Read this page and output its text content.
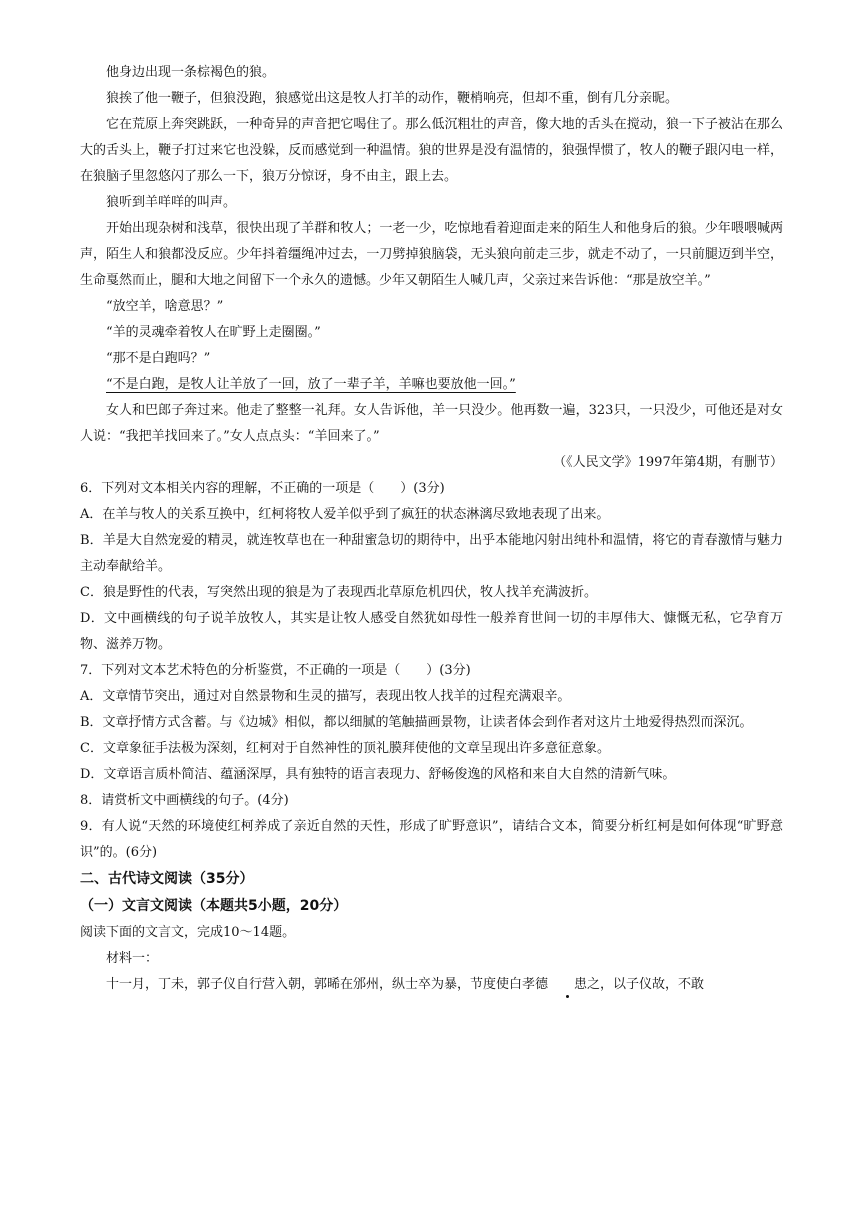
他身边出现一条棕褐色的狼。

狼挨了他一鞭子，但狼没跑，狼感觉出这是牧人打羊的动作，鞭梢响亮，但却不重，倒有几分亲昵。

它在荒原上奔突跳跃，一种奇异的声音把它喝住了。那么低沉粗壮的声音，像大地的舌头在搅动，狼一下子被沾在那么大的舌头上，鞭子打过来它也没躲，反而感觉到一种温情。狼的世界是没有温情的，狼强悍惯了，牧人的鞭子跟闪电一样，在狼脑子里忽悠闪了那么一下，狼万分惊讶，身不由主，跟上去。

狼听到羊咩咩的叫声。

开始出现杂树和浅草，很快出现了羊群和牧人；一老一少，吃惊地看着迎面走来的陌生人和他身后的狼。少年喂喂喊两声，陌生人和狼都没反应。少年抖着缰绳冲过去，一刀劈掉狼脑袋，无头狼向前走三步，就走不动了，一只前腿迈到半空，生命戛然而止，腿和大地之间留下一个永久的遗憾。少年又朝陌生人喊几声，父亲过来告诉他：“那是放空羊。”

“放空羊，啥意思？”

“羊的灵魂牵着牧人在旷野上走圈圈。”

“那不是白跑吗？”

“不是白跑，是牧人让羊放了一回，放了一辈子羊，羊嘛也要放他一回。”

女人和巴郎子奔过来。他走了整整一礼拜。女人告诉他，羊一只没少。他再数一遍，323只，一只没少，可他还是对女人说：“我把羊找回来了。”女人点点头：“羊回来了。”

（《人民文学》1997年第4期，有删节）

6．下列对文本相关内容的理解，不正确的一项是（　　）(3分)

A．在羊与牧人的关系互换中，红柯将牧人爱羊似乎到了疯狂的状态淋漓尽致地表现了出来。

B．羊是大自然宠爱的精灵，就连牧草也在一种甜蜜急切的期待中，出乎本能地闪射出纯朴和温情，将它的青春激情与魅力主动奉献给羊。

C．狼是野性的代表，写突然出现的狼是为了表现西北草原危机四伏，牧人找羊充满波折。

D．文中画横线的句子说羊放牧人，其实是让牧人感受自然犹如母性一般养育世间一切的丰厚伟大、慷慨无私，它孕育万物、滋养万物。

7．下列对文本艺术特色的分析鉴赏，不正确的一项是（　　）(3分)

A．文章情节突出，通过对自然景物和生灵的描写，表现出牧人找羊的过程充满艰辛。

B．文章抒情方式含蓄。与《边城》相似，都以细腻的笔触描画景物，让读者体会到作者对这片土地爱得热烈而深沉。

C．文章象征手法极为深刻，红柯对于自然神性的顶礼膜拜使他的文章呈现出许多意征意象。

D．文章语言质朴简洁、蕴涵深厚，具有独特的语言表现力、舒畅俊逸的风格和来自大自然的清新气味。

8．请赏析文中画横线的句子。(4分)

9．有人说“天然的环境使红柯养成了亲近自然的天性，形成了旷野意识”，请结合文本，简要分析红柯是如何体现“旷野意识”的。(6分)

二、古代诗文阅读（35分）

（一）文言文阅读（本题共5小题，20分）

阅读下面的文言文，完成10～14题。

材料一：

十一月，丁未，郭子仪自行营入朝，郭晞在邠州，纵士卒为暴，节度使白孝德 患之，以子仪故，不敢
